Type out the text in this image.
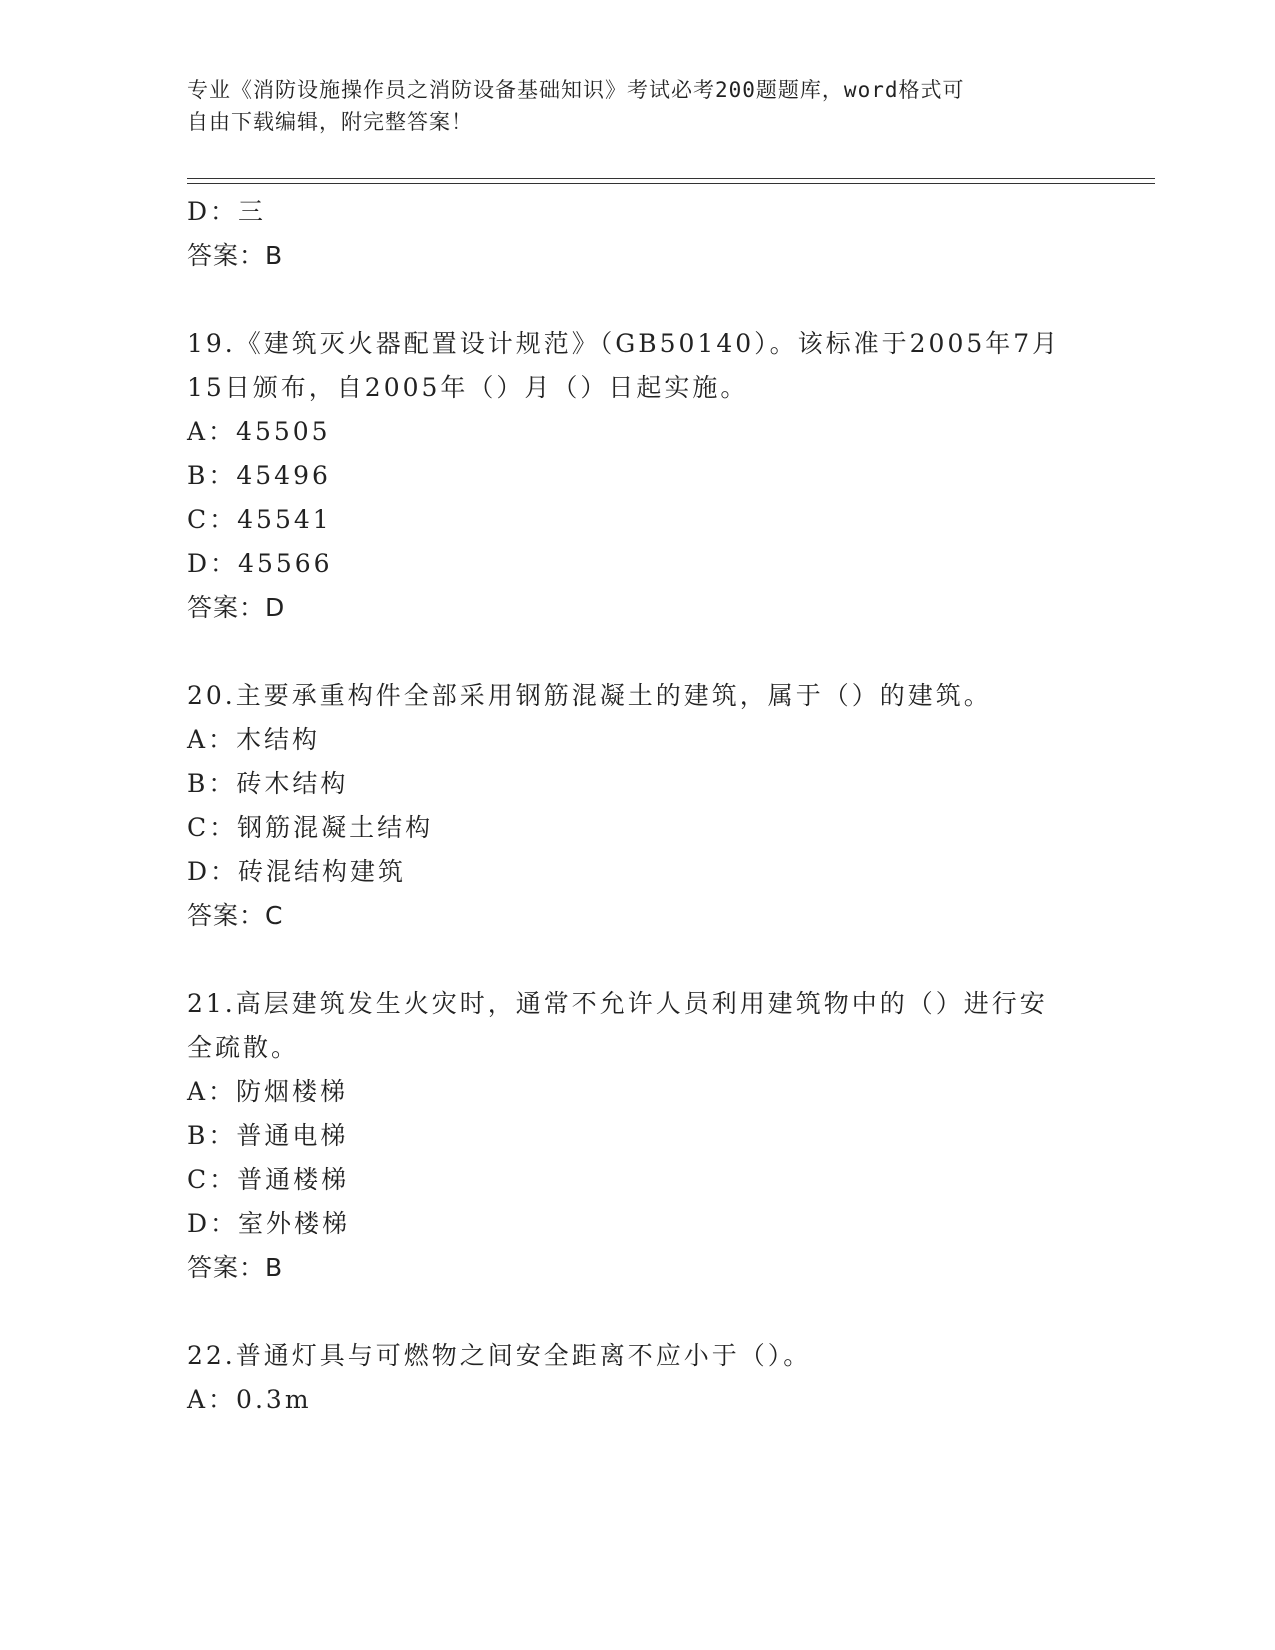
专业《消防设施操作员之消防设备基础知识》考试必考200题题库，word格式可
自由下载编辑，附完整答案！
D：三
答案：B
19.《建筑灭火器配置设计规范》（GB50140）。该标准于2005年7月
15日颁布，自2005年（）月（）日起实施。
A：45505
B：45496
C：45541
D：45566
答案：D
20.主要承重构件全部采用钢筋混凝土的建筑，属于（）的建筑。
A：木结构
B：砖木结构
C：钢筋混凝土结构
D：砖混结构建筑
答案：C
21.高层建筑发生火灾时，通常不允许人员利用建筑物中的（）进行安
全疏散。
A：防烟楼梯
B：普通电梯
C：普通楼梯
D：室外楼梯
答案：B
22.普通灯具与可燃物之间安全距离不应小于（）。
A：0.3m
